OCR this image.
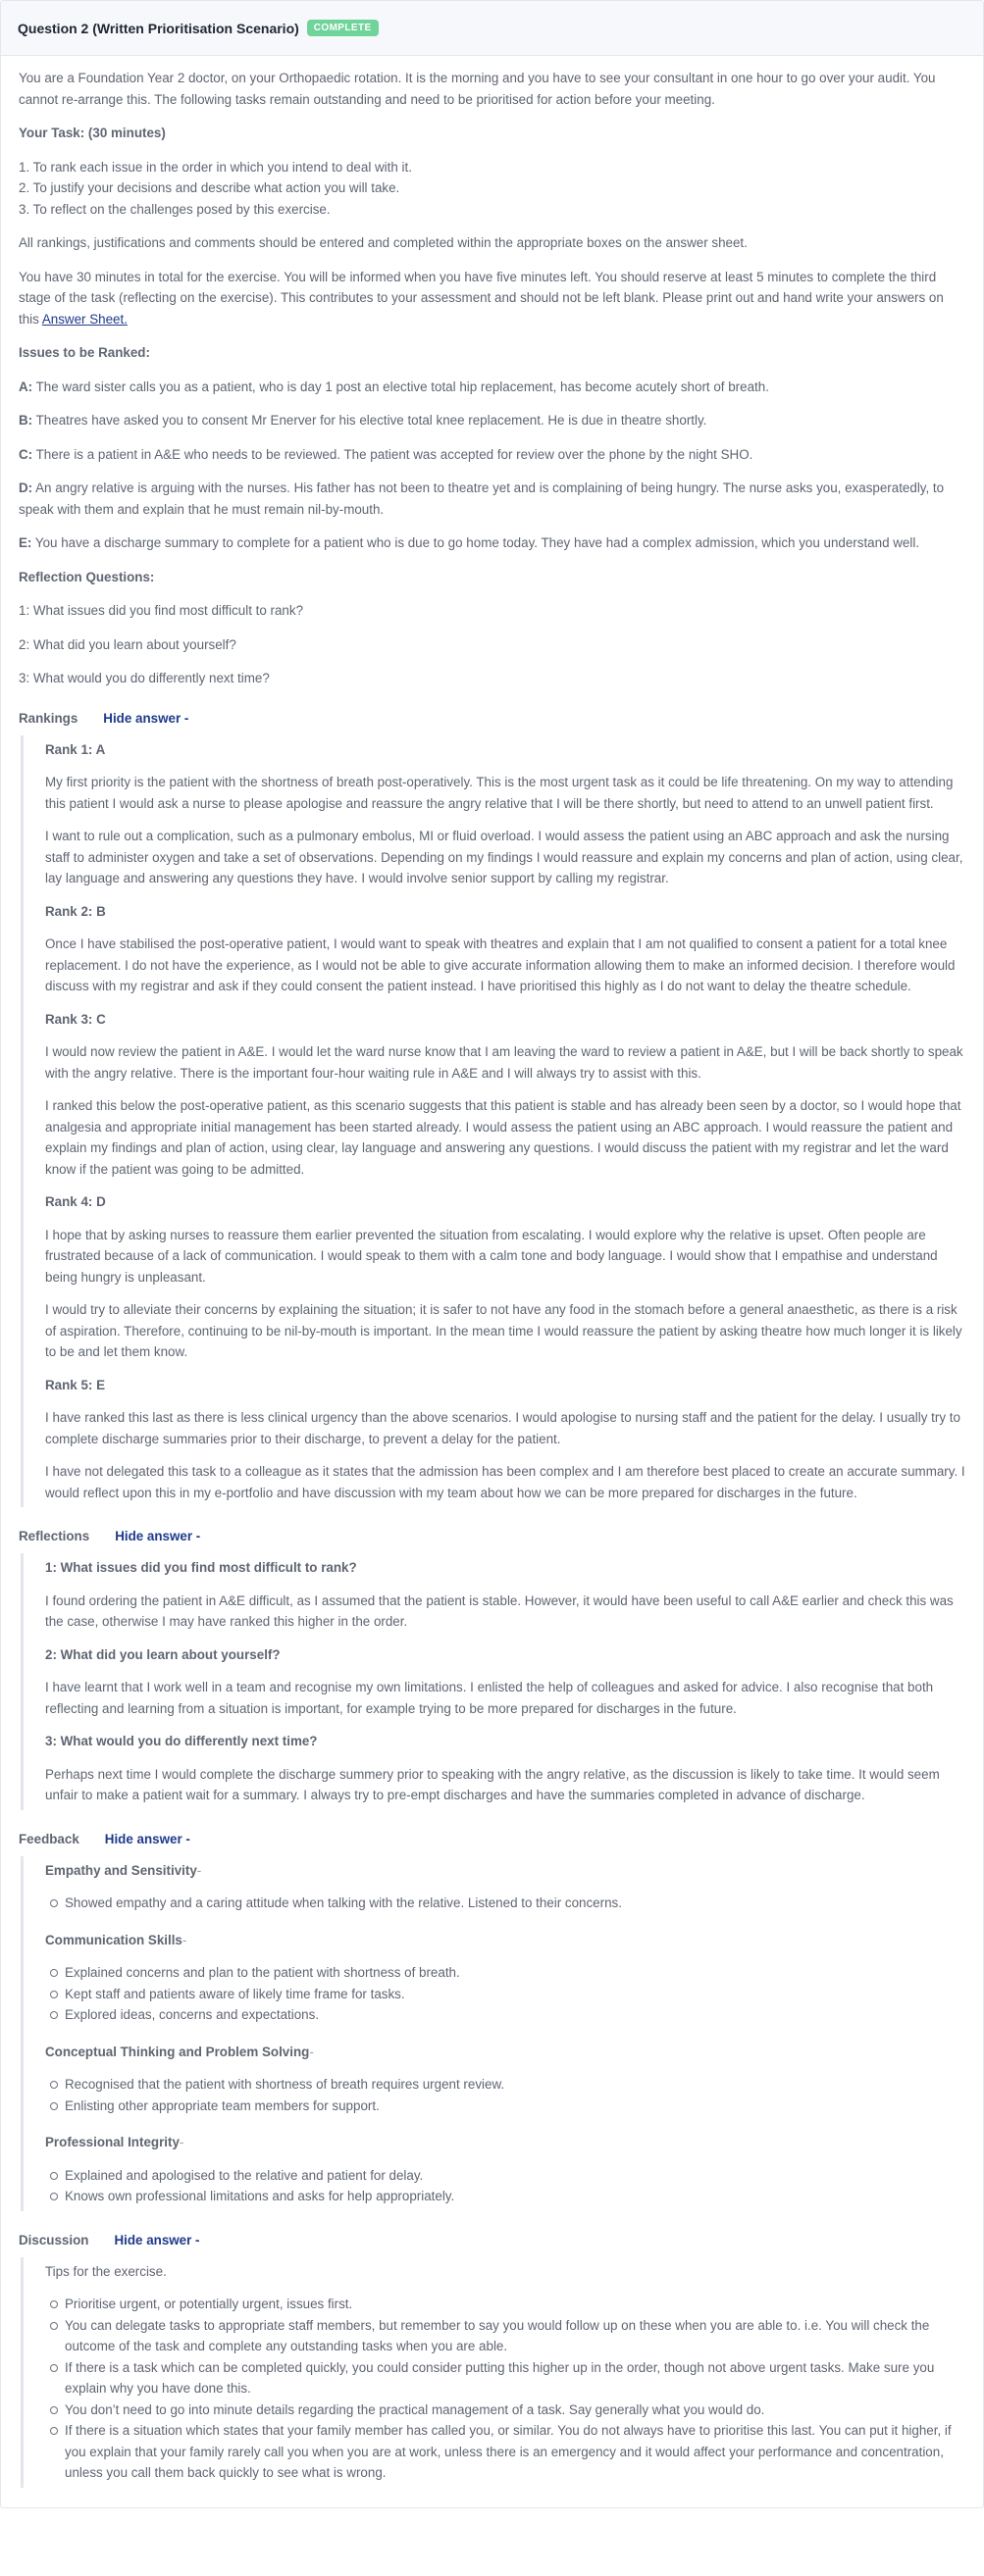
Question 2 (Written Prioritisation Scenario)	COMPLETE

You are a Foundation Year 2 doctor, on your Orthopaedic rotation. It is the morning and you have to see your consultant in one hour to go over your audit. You cannot re-arrange this. The following tasks remain outstanding and need to be prioritised for action before your meeting.

Your Task: (30 minutes)

1. To rank each issue in the order in which you intend to deal with it.

2. To justify your decisions and describe what action you will take.

3. To reflect on the challenges posed by this exercise.

All rankings, justifications and comments should be entered and completed within the appropriate boxes on the answer sheet.

You have 30 minutes in total for the exercise. You will be informed when you have five minutes left. You should reserve at least 5 minutes to complete the third stage of the task (reflecting on the exercise). This contributes to your assessment and should not be left blank. Please print out and hand write your answers on this Answer Sheet.

Issues to be Ranked:

A: The ward sister calls you as a patient, who is day 1 post an elective total hip replacement, has become acutely short of breath.

B: Theatres have asked you to consent Mr Enerver for his elective total knee replacement. He is due in theatre shortly.

C: There is a patient in A&E who needs to be reviewed. The patient was accepted for review over the phone by the night SHO.

D: An angry relative is arguing with the nurses. His father has not been to theatre yet and is complaining of being hungry. The nurse asks you, exasperatedly, to speak with them and explain that he must remain nil-by-mouth.

E: You have a discharge summary to complete for a patient who is due to go home today. They have had a complex admission, which you understand well.

Reflection Questions:

1: What issues did you find most difficult to rank?

2: What did you learn about yourself?

3: What would you do differently next time?

Rankings Hide answer -

Rank 1: A

My first priority is the patient with the shortness of breath post-operatively. This is the most urgent task as it could be life threatening. On my way to attending this patient I would ask a nurse to please apologise and reassure the angry relative that I will be there shortly, but need to attend to an unwell patient first.

I want to rule out a complication, such as a pulmonary embolus, MI or fluid overload. I would assess the patient using an ABC approach and ask the nursing staff to administer oxygen and take a set of observations. Depending on my findings I would reassure and explain my concerns and plan of action, using clear, lay language and answering any questions they have. I would involve senior support by calling my registrar.

Rank 2: B

Once I have stabilised the post-operative patient, I would want to speak with theatres and explain that I am not qualified to consent a patient for a total knee replacement. I do not have the experience, as I would not be able to give accurate information allowing them to make an informed decision. I therefore would discuss with my registrar and ask if they could consent the patient instead. I have prioritised this highly as I do not want to delay the theatre schedule.

Rank 3: C

I would now review the patient in A&E. I would let the ward nurse know that I am leaving the ward to review a patient in A&E, but I will be back shortly to speak with the angry relative. There is the important four-hour waiting rule in A&E and I will always try to assist with this.

I ranked this below the post-operative patient, as this scenario suggests that this patient is stable and has already been seen by a doctor, so I would hope that analgesia and appropriate initial management has been started already. I would assess the patient using an ABC approach. I would reassure the patient and explain my findings and plan of action, using clear, lay language and answering any questions. I would discuss the patient with my registrar and let the ward know if the patient was going to be admitted.

Rank 4: D

I hope that by asking nurses to reassure them earlier prevented the situation from escalating. I would explore why the relative is upset. Often people are frustrated because of a lack of communication. I would speak to them with a calm tone and body language. I would show that I empathise and understand being hungry is unpleasant.

I would try to alleviate their concerns by explaining the situation; it is safer to not have any food in the stomach before a general anaesthetic, as there is a risk of aspiration. Therefore, continuing to be nil-by-mouth is important. In the mean time I would reassure the patient by asking theatre how much longer it is likely to be and let them know.

Rank 5: E

I have ranked this last as there is less clinical urgency than the above scenarios. I would apologise to nursing staff and the patient for the delay. I usually try to complete discharge summaries prior to their discharge, to prevent a delay for the patient.

I have not delegated this task to a colleague as it states that the admission has been complex and I am therefore best placed to create an accurate summary. I would reflect upon this in my e-portfolio and have discussion with my team about how we can be more prepared for discharges in the future.

Reflections Hide answer -

1: What issues did you find most difficult to rank?

I found ordering the patient in A&E difficult, as I assumed that the patient is stable. However, it would have been useful to call A&E earlier and check this was the case, otherwise I may have ranked this higher in the order.

2: What did you learn about yourself?

I have learnt that I work well in a team and recognise my own limitations. I enlisted the help of colleagues and asked for advice. I also recognise that both reflecting and learning from a situation is important, for example trying to be more prepared for discharges in the future.

3: What would you do differently next time?

Perhaps next time I would complete the discharge summery prior to speaking with the angry relative, as the discussion is likely to take time. It would seem unfair to make a patient wait for a summary. I always try to pre-empt discharges and have the summaries completed in advance of discharge.

Feedback Hide answer -

Empathy and Sensitivity-

Showed empathy and a caring attitude when talking with the relative. Listened to their concerns.

Communication Skills-

Explained concerns and plan to the patient with shortness of breath.
Kept staff and patients aware of likely time frame for tasks.
Explored ideas, concerns and expectations.

Conceptual Thinking and Problem Solving-

Recognised that the patient with shortness of breath requires urgent review.
Enlisting other appropriate team members for support.

Professional Integrity-

Explained and apologised to the relative and patient for delay.
Knows own professional limitations and asks for help appropriately.
Discussion Hide answer -

Tips for the exercise.

Prioritise urgent, or potentially urgent, issues first.
You can delegate tasks to appropriate staff members, but remember to say you would follow up on these when you are able to. i.e. You will check the outcome of the task and complete any outstanding tasks when you are able.
If there is a task which can be completed quickly, you could consider putting this higher up in the order, though not above urgent tasks. Make sure you explain why you have done this.
You don’t need to go into minute details regarding the practical management of a task. Say generally what you would do.
If there is a situation which states that your family member has called you, or similar. You do not always have to prioritise this last. You can put it higher, if you explain that your family rarely call you when you are at work, unless there is an emergency and it would affect your performance and concentration, unless you call them back quickly to see what is wrong.
